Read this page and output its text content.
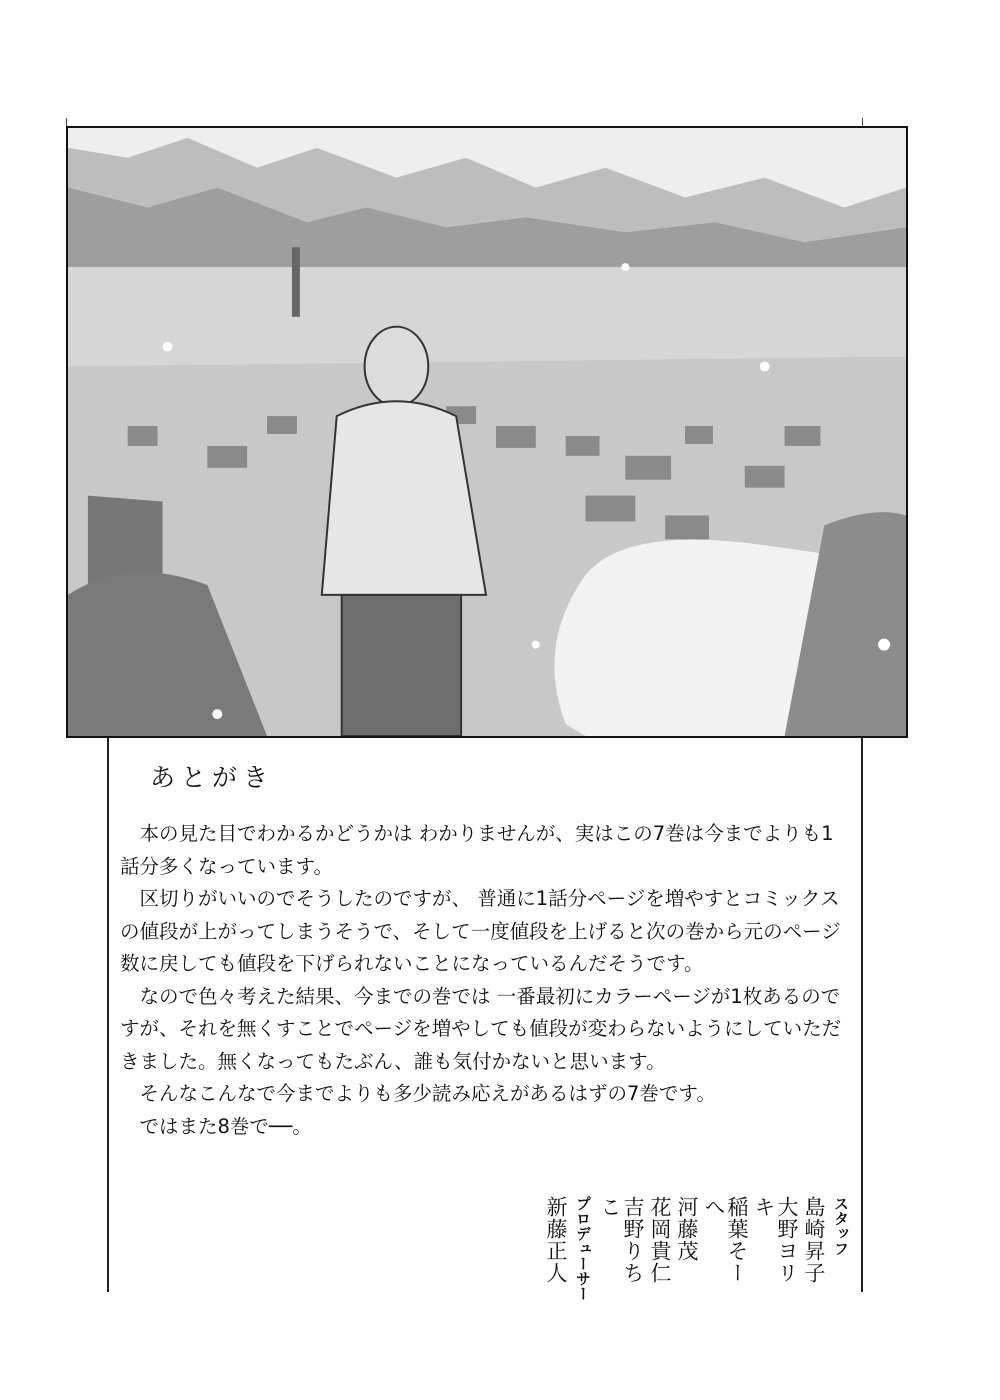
あとがき

本の見た目でわかるかどうかは わかりませんが、実はこの7巻は今までよりも1話分多くなっています。

区切りがいいのでそうしたのですが、 普通に1話分ページを増やすとコミックスの値段が上がってしまうそうで、そして一度値段を上げると次の巻から元のページ数に戻しても値段を下げられないことになっているんだそうです。

なので色々考えた結果、今までの巻では 一番最初にカラーページが1枚あるのですが、それを無くすことでページを増やしても値段が変わらないようにしていただきました。無くなってもたぶん、誰も気付かないと思います。

そんなこんなで今までよりも多少読み応えがあるはずの7巻です。

ではまた8巻で──。

スタッフ
島崎昇子
大野ヨリキ
稲葉そーへ
河藤茂
花岡貴仁
吉野りちこ
プロデューサー
新藤正人
